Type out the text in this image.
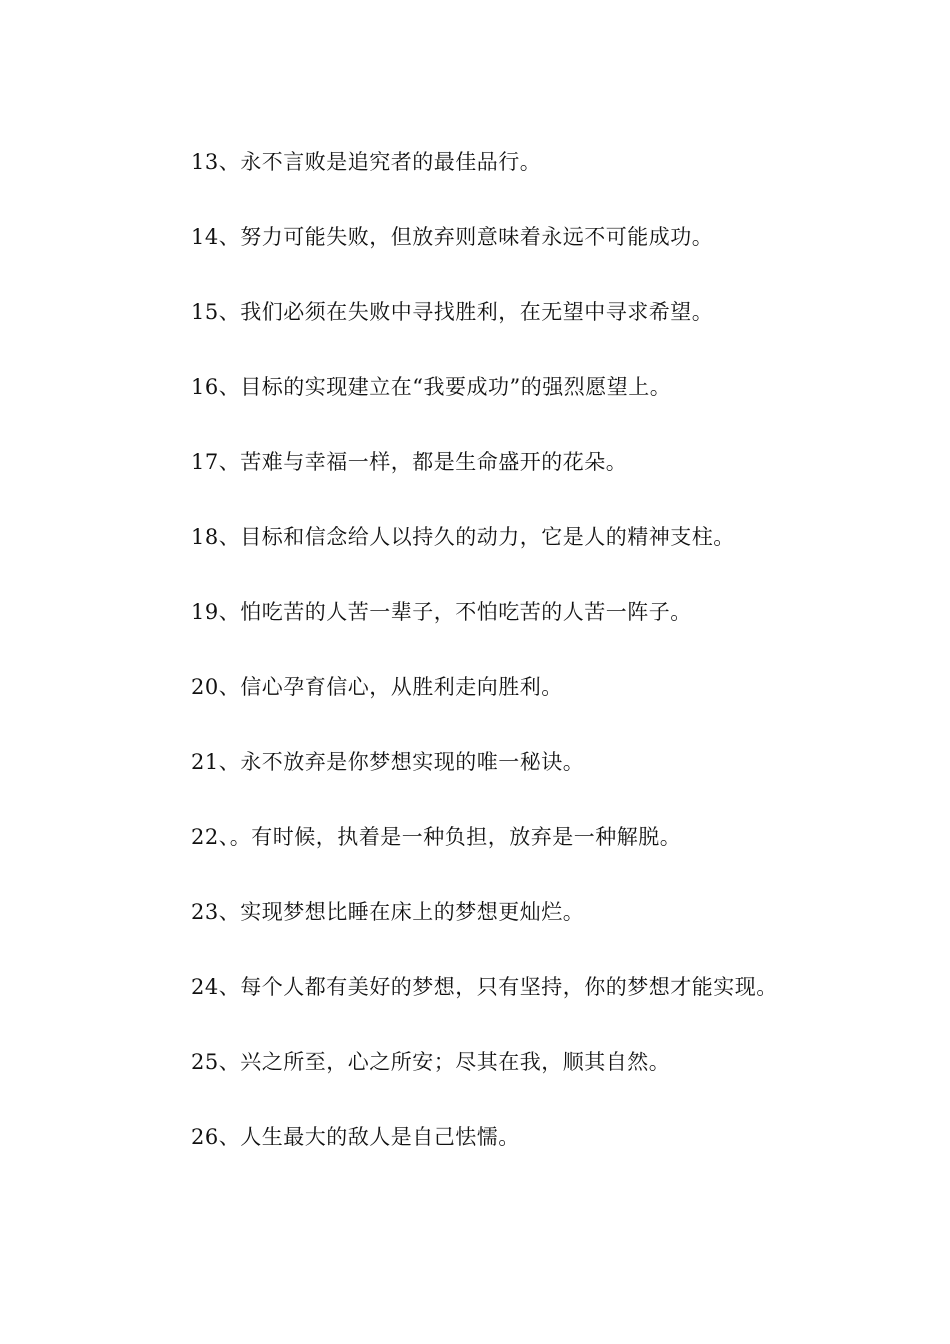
13、永不言败是追究者的最佳品行。

14、努力可能失败，但放弃则意味着永远不可能成功。

15、我们必须在失败中寻找胜利，在无望中寻求希望。

16、目标的实现建立在“我要成功”的强烈愿望上。

17、苦难与幸福一样，都是生命盛开的花朵。

18、目标和信念给人以持久的动力，它是人的精神支柱。

19、怕吃苦的人苦一辈子，不怕吃苦的人苦一阵子。

20、信心孕育信心，从胜利走向胜利。

21、永不放弃是你梦想实现的唯一秘诀。

22、。有时候，执着是一种负担，放弃是一种解脱。

23、实现梦想比睡在床上的梦想更灿烂。

24、每个人都有美好的梦想，只有坚持，你的梦想才能实现。

25、兴之所至，心之所安；尽其在我，顺其自然。

26、人生最大的敌人是自己怯懦。
